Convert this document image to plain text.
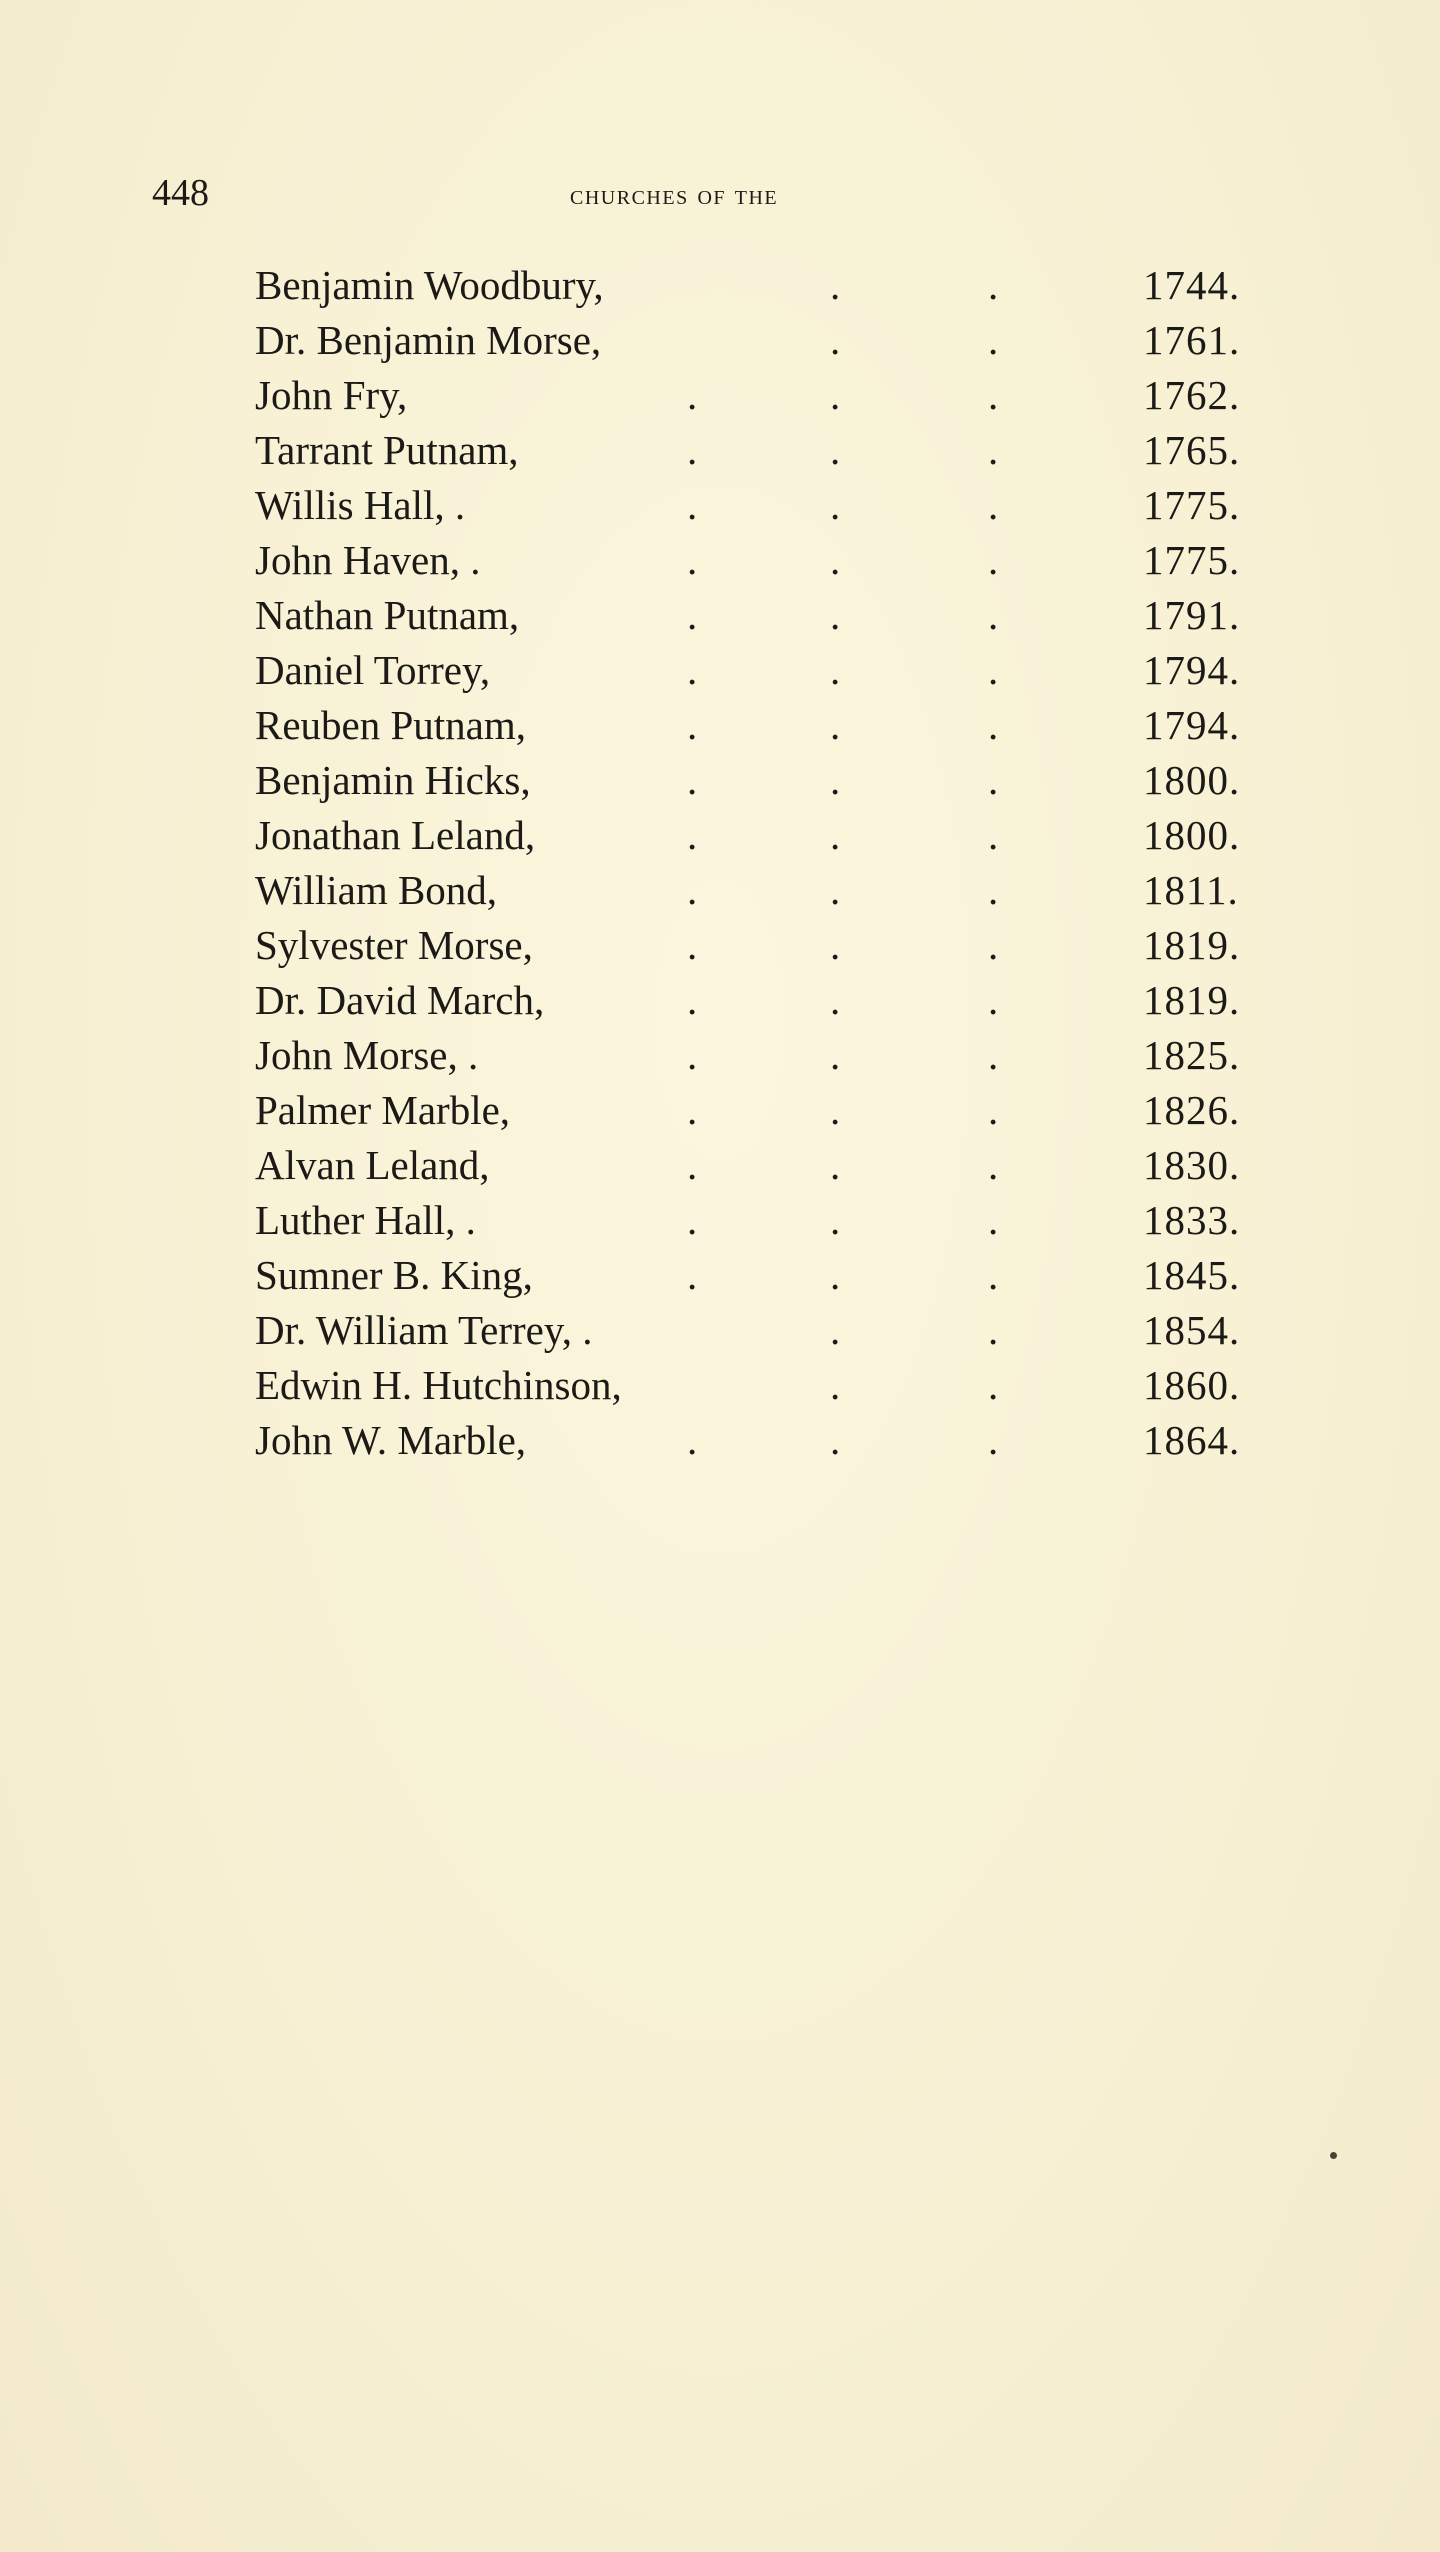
448	churches of the
Benjamin Woodbury,	.	.	1744.
Dr. Benjamin Morse,	.	.	1761.
John Fry,	.	.	.	1762.
Tarrant Putnam,	.	.	.	1765.
Willis Hall, .	.	.	.	1775.
John Haven, .	.	.	.	1775.
Nathan Putnam,	.	.	.	1791.
Daniel Torrey,	.	.	.	1794.
Reuben Putnam,	.	.	.	1794.
Benjamin Hicks,	.	.	.	1800.
Jonathan Leland,	.	.	.	1800.
William Bond,	.	.	.	1811.
Sylvester Morse,	.	.	.	1819.
Dr. David March,	.	.	.	1819.
John Morse, .	.	.	.	1825.
Palmer Marble,	.	.	.	1826.
Alvan Leland,	.	.	.	1830.
Luther Hall, .	.	.	.	1833.
Sumner B. King,	.	.	.	1845.
Dr. William Terrey, .	.	.	1854.
Edwin H. Hutchinson,	.	.	1860.
John W. Marble,	.	.	.	1864.
